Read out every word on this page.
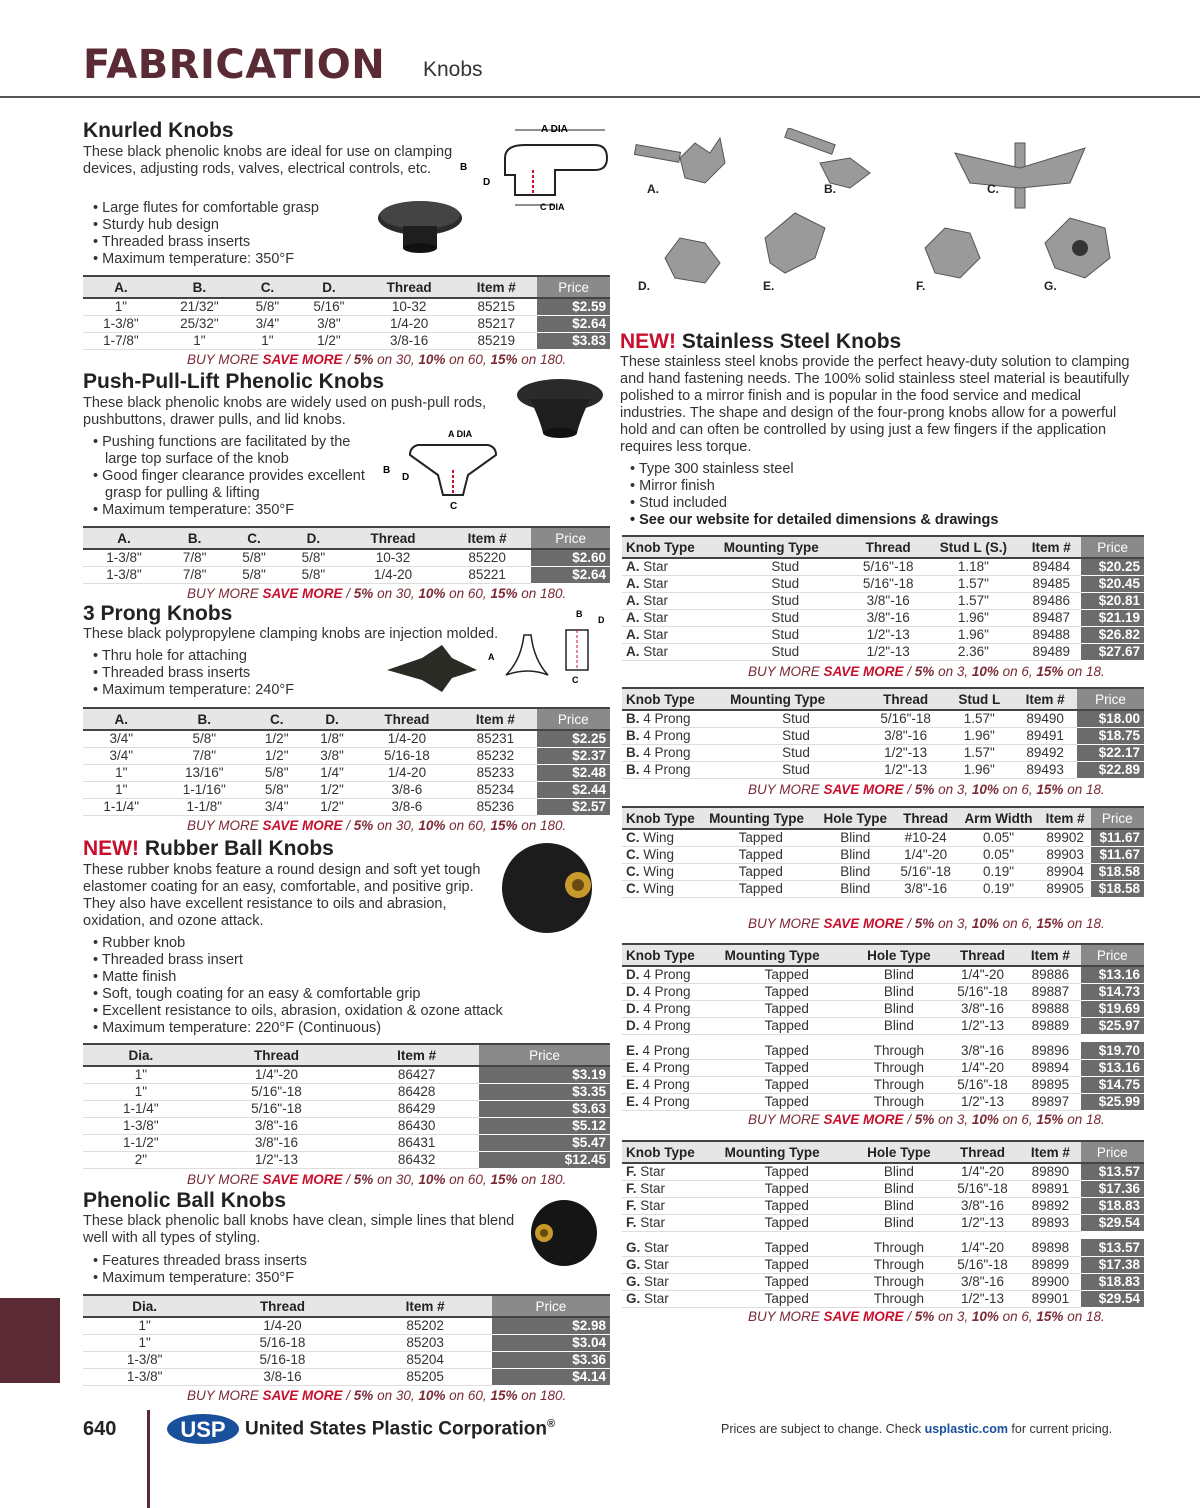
FABRICATION Knobs
Knurled Knobs
These black phenolic knobs are ideal for use on clamping devices, adjusting rods, valves, electrical controls, etc.
• Large flutes for comfortable grasp
• Sturdy hub design
• Threaded brass inserts
• Maximum temperature: 350°F
A DIA
B
D
C DIA
A.	B.	C.	D.	Thread	Item #	Price
1"	21/32"	5/8"	5/16"	10-32	85215	$2.59
1-3/8"	25/32"	3/4"	3/8"	1/4-20	85217	$2.64
1-7/8"	1"	1"	1/2"	3/8-16	85219	$3.83
BUY MORE SAVE MORE / 5% on 30, 10% on 60, 15% on 180.
Push-Pull-Lift Phenolic Knobs
These black phenolic knobs are widely used on push-pull rods, pushbuttons, drawer pulls, and lid knobs.
• Pushing functions are facilitated by the large top surface of the knob
• Good finger clearance provides excellent grasp for pulling & lifting
• Maximum temperature: 350°F
A DIA
B
D
C
A.	B.	C.	D.	Thread	Item #	Price
1-3/8"	7/8"	5/8"	5/8"	10-32	85220	$2.60
1-3/8"	7/8"	5/8"	5/8"	1/4-20	85221	$2.64
BUY MORE SAVE MORE / 5% on 30, 10% on 60, 15% on 180.
3 Prong Knobs
These black polypropylene clamping knobs are injection molded.
• Thru hole for attaching
• Threaded brass inserts
• Maximum temperature: 240°F
B
D
A
C
A.	B.	C.	D.	Thread	Item #	Price
3/4"	5/8"	1/2"	1/8"	1/4-20	85231	$2.25
3/4"	7/8"	1/2"	3/8"	5/16-18	85232	$2.37
1"	13/16"	5/8"	1/4"	1/4-20	85233	$2.48
1"	1-1/16"	5/8"	1/2"	3/8-6	85234	$2.44
1-1/4"	1-1/8"	3/4"	1/2"	3/8-6	85236	$2.57
BUY MORE SAVE MORE / 5% on 30, 10% on 60, 15% on 180.
NEW! Rubber Ball Knobs
These rubber knobs feature a round design and soft yet tough elastomer coating for an easy, comfortable, and positive grip. They also have excellent resistance to oils and abrasion, oxidation, and ozone attack.
• Rubber knob
• Threaded brass insert
• Matte finish
• Soft, tough coating for an easy & comfortable grip
• Excellent resistance to oils, abrasion, oxidation & ozone attack
• Maximum temperature: 220°F (Continuous)
Dia.	Thread	Item #	Price
1"	1/4"-20	86427	$3.19
1"	5/16"-18	86428	$3.35
1-1/4"	5/16"-18	86429	$3.63
1-3/8"	3/8"-16	86430	$5.12
1-1/2"	3/8"-16	86431	$5.47
2"	1/2"-13	86432	$12.45
BUY MORE SAVE MORE / 5% on 30, 10% on 60, 15% on 180.
Phenolic Ball Knobs
These black phenolic ball knobs have clean, simple lines that blend well with all types of styling.
• Features threaded brass inserts
• Maximum temperature: 350°F
Dia.	Thread	Item #	Price
1"	1/4-20	85202	$2.98
1"	5/16-18	85203	$3.04
1-3/8"	5/16-18	85204	$3.36
1-3/8"	3/8-16	85205	$4.14
BUY MORE SAVE MORE / 5% on 30, 10% on 60, 15% on 180.
A.	B.	C.
D.	E.	F.	G.
NEW! Stainless Steel Knobs
These stainless steel knobs provide the perfect heavy-duty solution to clamping and hand fastening needs. The 100% solid stainless steel material is beautifully polished to a mirror finish and is popular in the food service and medical industries. The shape and design of the four-prong knobs allow for a powerful hold and can often be controlled by using just a few fingers if the application requires less torque.
• Type 300 stainless steel
• Mirror finish
• Stud included
• See our website for detailed dimensions & drawings
Knob Type	Mounting Type	Thread	Stud L (S.)	Item #	Price
A. Star	Stud	5/16"-18	1.18"	89484	$20.25
A. Star	Stud	5/16"-18	1.57"	89485	$20.45
A. Star	Stud	3/8"-16	1.57"	89486	$20.81
A. Star	Stud	3/8"-16	1.96"	89487	$21.19
A. Star	Stud	1/2"-13	1.96"	89488	$26.82
A. Star	Stud	1/2"-13	2.36"	89489	$27.67
BUY MORE SAVE MORE / 5% on 3, 10% on 6, 15% on 18.
Knob Type	Mounting Type	Thread	Stud L	Item #	Price
B. 4 Prong	Stud	5/16"-18	1.57"	89490	$18.00
B. 4 Prong	Stud	3/8"-16	1.96"	89491	$18.75
B. 4 Prong	Stud	1/2"-13	1.57"	89492	$22.17
B. 4 Prong	Stud	1/2"-13	1.96"	89493	$22.89
BUY MORE SAVE MORE / 5% on 3, 10% on 6, 15% on 18.
Knob Type	Mounting Type	Hole Type	Thread	Arm Width	Item #	Price
C. Wing	Tapped	Blind	#10-24	0.05"	89902	$11.67
C. Wing	Tapped	Blind	1/4"-20	0.05"	89903	$11.67
C. Wing	Tapped	Blind	5/16"-18	0.19"	89904	$18.58
C. Wing	Tapped	Blind	3/8"-16	0.19"	89905	$18.58
BUY MORE SAVE MORE / 5% on 3, 10% on 6, 15% on 18.
Knob Type	Mounting Type	Hole Type	Thread	Item #	Price
D. 4 Prong	Tapped	Blind	1/4"-20	89886	$13.16
D. 4 Prong	Tapped	Blind	5/16"-18	89887	$14.73
D. 4 Prong	Tapped	Blind	3/8"-16	89888	$19.69
D. 4 Prong	Tapped	Blind	1/2"-13	89889	$25.97

E. 4 Prong	Tapped	Through	3/8"-16	89896	$19.70
E. 4 Prong	Tapped	Through	1/4"-20	89894	$13.16
E. 4 Prong	Tapped	Through	5/16"-18	89895	$14.75
E. 4 Prong	Tapped	Through	1/2"-13	89897	$25.99
BUY MORE SAVE MORE / 5% on 3, 10% on 6, 15% on 18.
Knob Type	Mounting Type	Hole Type	Thread	Item #	Price
F. Star	Tapped	Blind	1/4"-20	89890	$13.57
F. Star	Tapped	Blind	5/16"-18	89891	$17.36
F. Star	Tapped	Blind	3/8"-16	89892	$18.83
F. Star	Tapped	Blind	1/2"-13	89893	$29.54

G. Star	Tapped	Through	1/4"-20	89898	$13.57
G. Star	Tapped	Through	5/16"-18	89899	$17.38
G. Star	Tapped	Through	3/8"-16	89900	$18.83
G. Star	Tapped	Through	1/2"-13	89901	$29.54
BUY MORE SAVE MORE / 5% on 3, 10% on 6, 15% on 18.
640	USP United States Plastic Corporation®	Prices are subject to change. Check usplastic.com for current pricing.
